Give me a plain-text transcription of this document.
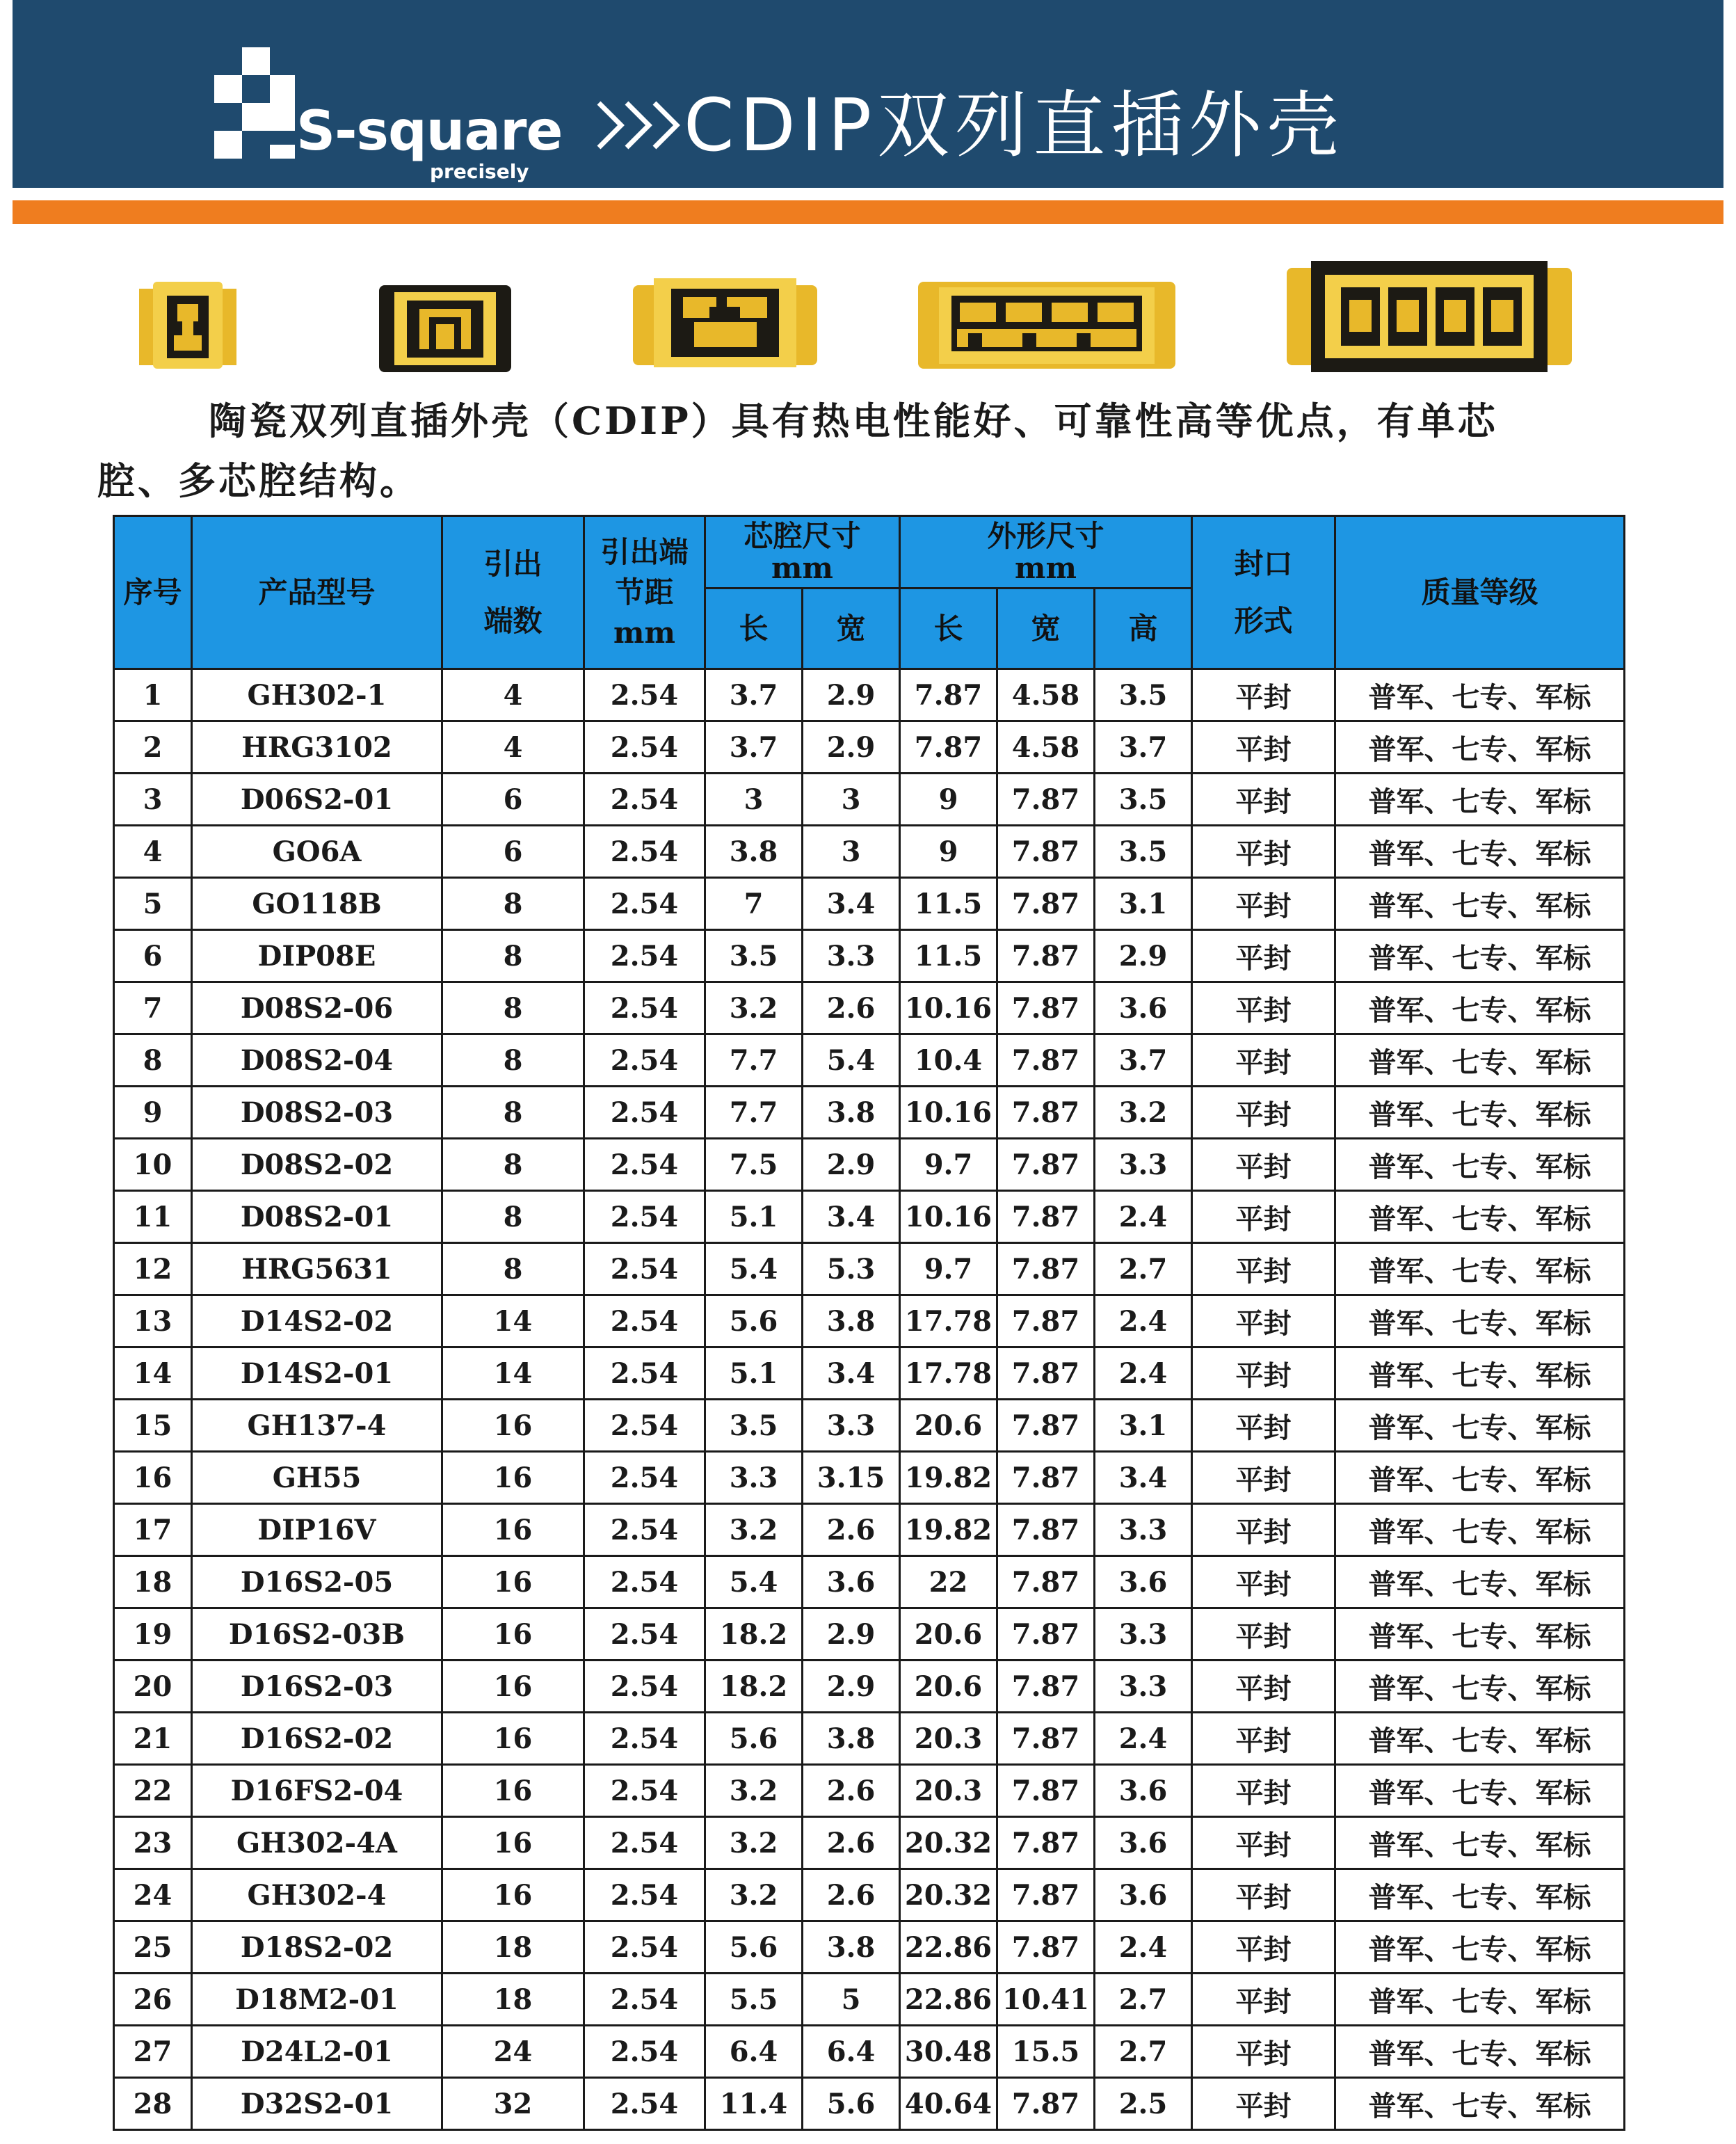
S-square
precisely
CDIP双列直插外壳
陶瓷双列直插外壳（CDIP）具有热电性能好、可靠性高等优点，有单芯腔、多芯腔结构。
序号	产品型号	引出端数	引出端节距mm	芯腔尺寸 mm		外形尺寸 mm			封口形式	质量等级
				长	宽	长	宽	高		
1	GH302-1	4	2.54	3.7	2.9	7.87	4.58	3.5	平封	普军、七专、军标
2	HRG3102	4	2.54	3.7	2.9	7.87	4.58	3.7	平封	普军、七专、军标
3	D06S2-01	6	2.54	3	3	9	7.87	3.5	平封	普军、七专、军标
4	GO6A	6	2.54	3.8	3	9	7.87	3.5	平封	普军、七专、军标
5	GO118B	8	2.54	7	3.4	11.5	7.87	3.1	平封	普军、七专、军标
6	DIP08E	8	2.54	3.5	3.3	11.5	7.87	2.9	平封	普军、七专、军标
7	D08S2-06	8	2.54	3.2	2.6	10.16	7.87	3.6	平封	普军、七专、军标
8	D08S2-04	8	2.54	7.7	5.4	10.4	7.87	3.7	平封	普军、七专、军标
9	D08S2-03	8	2.54	7.7	3.8	10.16	7.87	3.2	平封	普军、七专、军标
10	D08S2-02	8	2.54	7.5	2.9	9.7	7.87	3.3	平封	普军、七专、军标
11	D08S2-01	8	2.54	5.1	3.4	10.16	7.87	2.4	平封	普军、七专、军标
12	HRG5631	8	2.54	5.4	5.3	9.7	7.87	2.7	平封	普军、七专、军标
13	D14S2-02	14	2.54	5.6	3.8	17.78	7.87	2.4	平封	普军、七专、军标
14	D14S2-01	14	2.54	5.1	3.4	17.78	7.87	2.4	平封	普军、七专、军标
15	GH137-4	16	2.54	3.5	3.3	20.6	7.87	3.1	平封	普军、七专、军标
16	GH55	16	2.54	3.3	3.15	19.82	7.87	3.4	平封	普军、七专、军标
17	DIP16V	16	2.54	3.2	2.6	19.82	7.87	3.3	平封	普军、七专、军标
18	D16S2-05	16	2.54	5.4	3.6	22	7.87	3.6	平封	普军、七专、军标
19	D16S2-03B	16	2.54	18.2	2.9	20.6	7.87	3.3	平封	普军、七专、军标
20	D16S2-03	16	2.54	18.2	2.9	20.6	7.87	3.3	平封	普军、七专、军标
21	D16S2-02	16	2.54	5.6	3.8	20.3	7.87	2.4	平封	普军、七专、军标
22	D16FS2-04	16	2.54	3.2	2.6	20.3	7.87	3.6	平封	普军、七专、军标
23	GH302-4A	16	2.54	3.2	2.6	20.32	7.87	3.6	平封	普军、七专、军标
24	GH302-4	16	2.54	3.2	2.6	20.32	7.87	3.6	平封	普军、七专、军标
25	D18S2-02	18	2.54	5.6	3.8	22.86	7.87	2.4	平封	普军、七专、军标
26	D18M2-01	18	2.54	5.5	5	22.86	10.41	2.7	平封	普军、七专、军标
27	D24L2-01	24	2.54	6.4	6.4	30.48	15.5	2.7	平封	普军、七专、军标
28	D32S2-01	32	2.54	11.4	5.6	40.64	7.87	2.5	平封	普军、七专、军标
